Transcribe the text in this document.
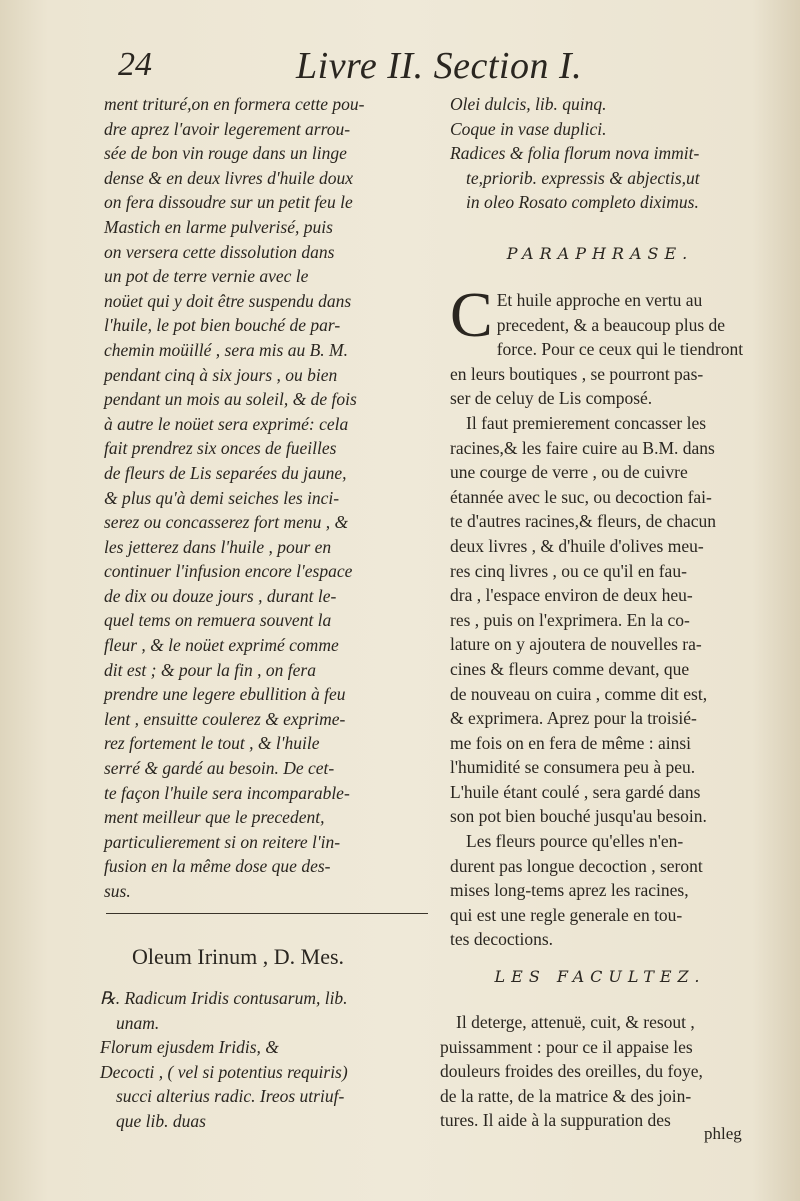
24	Livre II. Section I.
ment trituré,on en formera cette pou-
dre aprez l'avoir legerement arrou-
sée de bon vin rouge dans un linge
dense & en deux livres d'huile doux
on fera dissoudre sur un petit feu le
Mastich en larme pulverisé, puis
on versera cette dissolution dans
un pot de terre vernie avec le
noüet qui y doit être suspendu dans
l'huile, le pot bien bouché de par-
chemin moüillé , sera mis au B. M.
pendant cinq à six jours , ou bien
pendant un mois au soleil, & de fois
à autre le noüet sera exprimé: cela
fait prendrez six onces de fueilles
de fleurs de Lis separées du jaune,
& plus qu'à demi seiches les inci-
serez ou concasserez fort menu , &
les jetterez dans l'huile , pour en
continuer l'infusion encore l'espace
de dix ou douze jours , durant le-
quel tems on remuera souvent la
fleur , & le noüet exprimé comme
dit est ; & pour la fin , on fera
prendre une legere ebullition à feu
lent , ensuitte coulerez & exprime-
rez fortement le tout , & l'huile
serré & gardé au besoin. De cet-
te façon l'huile sera incomparable-
ment meilleur que le precedent,
particulierement si on reitere l'in-
fusion en la même dose que des-
sus.
Oleum Irinum , D. Mes.
℞. Radicum Iridis contusarum, lib.
unam.
Florum ejusdem Iridis, &
Decocti , ( vel si potentius requiris)
succi alterius radic. Ireos utriuf-
que lib. duas
Olei dulcis, lib. quinq.
Coque in vase duplici.
Radices & folia florum nova immit-
te,priorib. expressis & abjectis,ut
in oleo Rosato completo diximus.
PARAPHRASE.
C Et huile approche en vertu au
precedent, & a beaucoup plus de
force. Pour ce ceux qui le tiendront
en leurs boutiques , se pourront pas-
ser de celuy de Lis composé.
Il faut premierement concasser les
racines,& les faire cuire au B.M. dans
une courge de verre , ou de cuivre
étannée avec le suc, ou decoction fai-
te d'autres racines,& fleurs, de chacun
deux livres , & d'huile d'olives meu-
res cinq livres , ou ce qu'il en fau-
dra , l'espace environ de deux heu-
res , puis on l'exprimera. En la co-
lature on y ajoutera de nouvelles ra-
cines & fleurs comme devant, que
de nouveau on cuira , comme dit est,
& exprimera. Aprez pour la troisié-
me fois on en fera de même : ainsi
l'humidité se consumera peu à peu.
L'huile étant coulé , sera gardé dans
son pot bien bouché jusqu'au besoin.
Les fleurs pource qu'elles n'en-
durent pas longue decoction , seront
mises long-tems aprez les racines,
qui est une regle generale en tou-
tes decoctions.
LES FACULTEZ.
Il deterge, attenuë, cuit, & resout ,
puissamment : pour ce il appaise les
douleurs froides des oreilles, du foye,
de la ratte, de la matrice & des join-
tures. Il aide à la suppuration des
phleg
